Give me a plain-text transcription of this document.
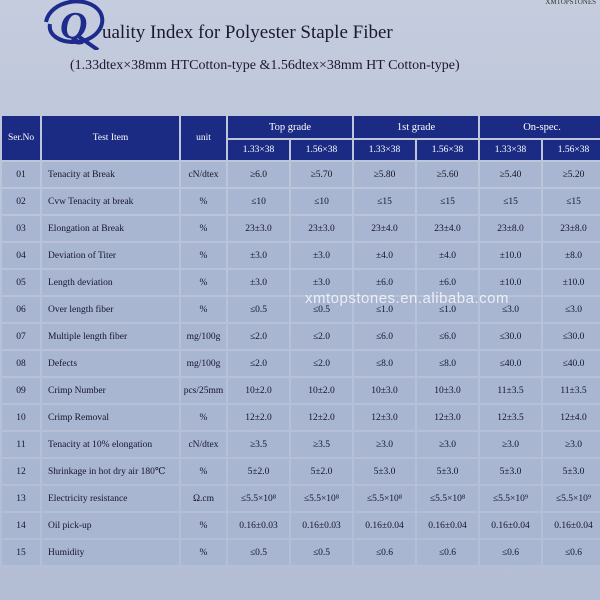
Q uality Index for Polyester Staple Fiber
(1.33dtex×38mm HTCotton-type &1.56dtex×38mm HT Cotton-type)
XMTOPSTONES
Ser.No	Test Item	unit	Top grade		1st grade		On-spec.	
			1.33×38	1.56×38	1.33×38	1.56×38	1.33×38	1.56×38
01	Tenacity at Break	cN/dtex	≥6.0	≥5.70	≥5.80	≥5.60	≥5.40	≥5.20
02	Cvw Tenacity at break	%	≤10	≤10	≤15	≤15	≤15	≤15
03	Elongation at Break	%	23±3.0	23±3.0	23±4.0	23±4.0	23±8.0	23±8.0
04	Deviation of Titer	%	±3.0	±3.0	±4.0	±4.0	±10.0	±8.0
05	Length deviation	%	±3.0	±3.0	±6.0	±6.0	±10.0	±10.0
06	Over length fiber	%	≤0.5	≤0.5	≤1.0	≤1.0	≤3.0	≤3.0
07	Multiple length fiber	mg/100g	≤2.0	≤2.0	≤6.0	≤6.0	≤30.0	≤30.0
08	Defects	mg/100g	≤2.0	≤2.0	≤8.0	≤8.0	≤40.0	≤40.0
09	Crimp Number	pcs/25mm	10±2.0	10±2.0	10±3.0	10±3.0	11±3.5	11±3.5
10	Crimp Removal	%	12±2.0	12±2.0	12±3.0	12±3.0	12±3.5	12±4.0
11	Tenacity at 10% elongation	cN/dtex	≥3.5	≥3.5	≥3.0	≥3.0	≥3.0	≥3.0
12	Shrinkage in hot dry air 180℃	%	5±2.0	5±2.0	5±3.0	5±3.0	5±3.0	5±3.0
13	Electricity resistance	Ω.cm	≤5.5×10⁸	≤5.5×10⁸	≤5.5×10⁸	≤5.5×10⁸	≤5.5×10⁹	≤5.5×10⁹
14	Oil pick-up	%	0.16±0.03	0.16±0.03	0.16±0.04	0.16±0.04	0.16±0.04	0.16±0.04
15	Humidity	%	≤0.5	≤0.5	≤0.6	≤0.6	≤0.6	≤0.6
xmtopstones.en.alibaba.com
